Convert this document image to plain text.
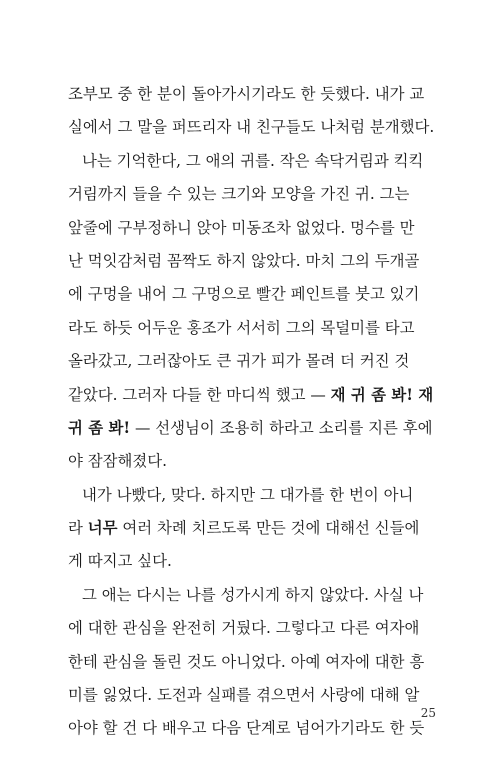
조부모 중 한 분이 돌아가시기라도 한 듯했다. 내가 교
실에서 그 말을 퍼뜨리자 내 친구들도 나처럼 분개했다.
나는 기억한다, 그 애의 귀를. 작은 속닥거림과 킥킥
거림까지 들을 수 있는 크기와 모양을 가진 귀. 그는
앞줄에 구부정하니 앉아 미동조차 없었다. 멍수를 만
난 먹잇감처럼 꼼짝도 하지 않았다. 마치 그의 두개골
에 구멍을 내어 그 구멍으로 빨간 페인트를 붓고 있기
라도 하듯 어두운 홍조가 서서히 그의 목덜미를 타고
올라갔고, 그러잖아도 큰 귀가 피가 몰려 더 커진 것
같았다. 그러자 다들 한 마디씩 했고 — 재 귀 좀 봐! 재
귀 좀 봐! — 선생님이 조용히 하라고 소리를 지른 후에
야 잠잠해졌다.
내가 나빴다, 맞다. 하지만 그 대가를 한 번이 아니
라 너무 여러 차례 치르도록 만든 것에 대해선 신들에
게 따지고 싶다.
그 애는 다시는 나를 성가시게 하지 않았다. 사실 나
에 대한 관심을 완전히 거뒀다. 그렇다고 다른 여자애
한테 관심을 돌린 것도 아니었다. 아예 여자에 대한 흥
미를 잃었다. 도전과 실패를 겪으면서 사랑에 대해 알
아야 할 건 다 배우고 다음 단계로 넘어가기라도 한 듯
25
